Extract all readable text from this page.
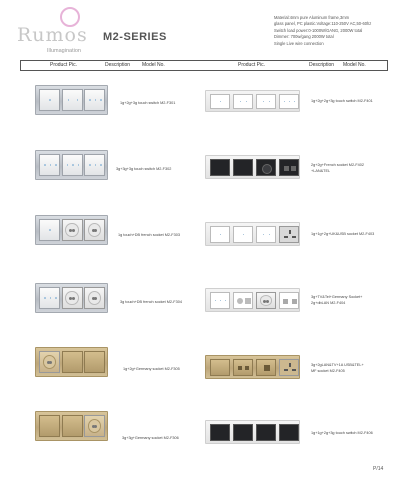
Rumos
Illumagination
M2-SERIES
Material:4mm pure Aluminum frame,3mm
glass panel, PC plastic.Voltage:110-250V AC,50-60hz
Switch load power:0-1000W/GANG, 2000W total
Dimmer: 700w/gang 2000W total
Single Live wire connection
Product Pic.	Description Model No.	Product Pic.	Description Model No.
1g+2g+3g touch switch M2-F301
3g+3g+3g touch switch M2-F302
1g touch+DB french socket M2-F303
3g touch+DB french socket M2-F304
1g+2g+Germany socket M2-F305
3g+3g+Germany socket M2-F306
1g+2g+2g+3g touch switch M2-F401
2g+2g+French socket M2-F402
+LAN&TEL
1g+1g+2g+UK&USB socket M2-F403
3g+TV&Tel+Germany Socket+
2g+dbLAN M2-F404
3g+2gLAN&TV+1A USB&TEL+
MF socket M2-F405
1g+1g+2g+3g touch switch M2-F406
P/14
